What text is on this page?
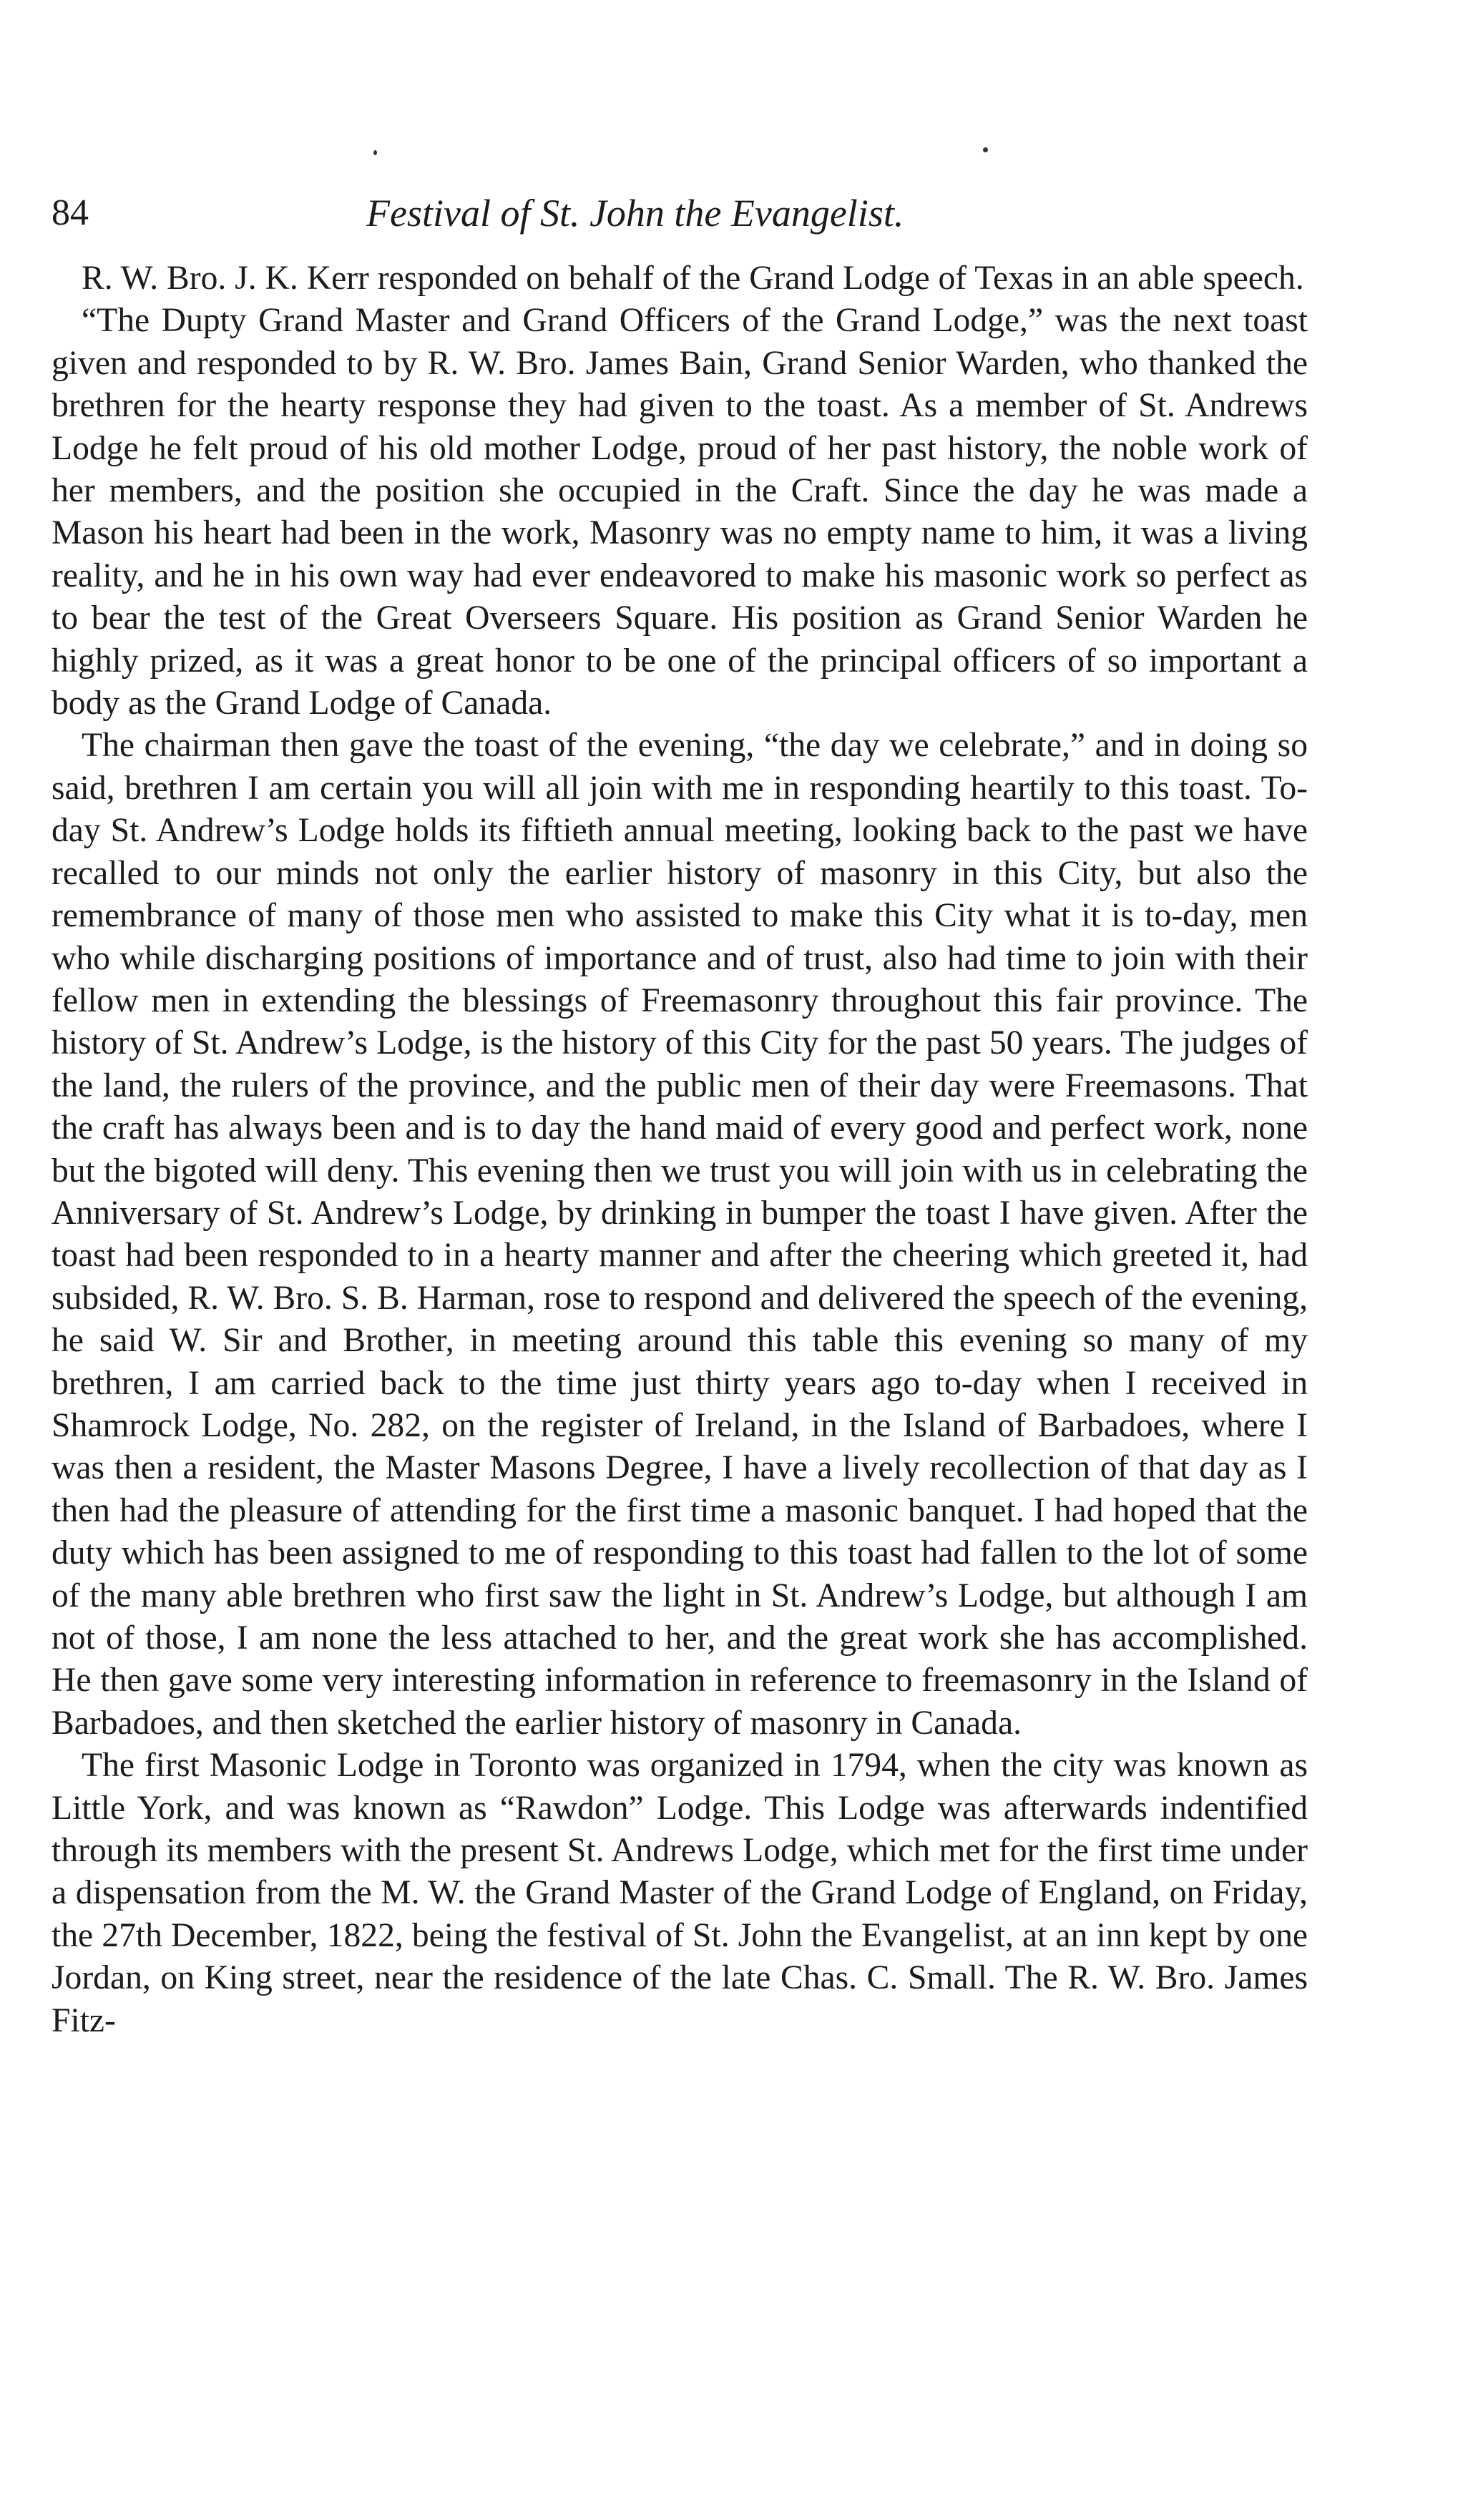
84	Festival of St. John the Evangelist.

R. W. Bro. J. K. Kerr responded on behalf of the Grand Lodge of Texas in an able speech.

“The Dupty Grand Master and Grand Officers of the Grand Lodge,” was the next toast given and responded to by R. W. Bro. James Bain, Grand Senior Warden, who thanked the brethren for the hearty response they had given to the toast. As a member of St. Andrews Lodge he felt proud of his old mother Lodge, proud of her past history, the noble work of her members, and the position she occupied in the Craft. Since the day he was made a Mason his heart had been in the work, Masonry was no empty name to him, it was a living reality, and he in his own way had ever endeavored to make his masonic work so perfect as to bear the test of the Great Overseers Square. His position as Grand Senior Warden he highly prized, as it was a great honor to be one of the principal officers of so important a body as the Grand Lodge of Canada.

The chairman then gave the toast of the evening, “the day we celebrate,” and in doing so said, brethren I am certain you will all join with me in responding heartily to this toast. To-day St. Andrew’s Lodge holds its fiftieth annual meeting, looking back to the past we have recalled to our minds not only the earlier history of masonry in this City, but also the remembrance of many of those men who assisted to make this City what it is to-day, men who while discharging positions of importance and of trust, also had time to join with their fellow men in extending the blessings of Freemasonry throughout this fair province. The history of St. Andrew’s Lodge, is the history of this City for the past 50 years. The judges of the land, the rulers of the province, and the public men of their day were Freemasons. That the craft has always been and is to day the hand maid of every good and perfect work, none but the bigoted will deny. This evening then we trust you will join with us in celebrating the Anniversary of St. Andrew’s Lodge, by drinking in bumper the toast I have given. After the toast had been responded to in a hearty manner and after the cheering which greeted it, had subsided, R. W. Bro. S. B. Harman, rose to respond and delivered the speech of the evening, he said W. Sir and Brother, in meeting around this table this evening so many of my brethren, I am carried back to the time just thirty years ago to-day when I received in Shamrock Lodge, No. 282, on the register of Ireland, in the Island of Barbadoes, where I was then a resident, the Master Masons Degree, I have a lively recollection of that day as I then had the pleasure of attending for the first time a masonic banquet. I had hoped that the duty which has been assigned to me of responding to this toast had fallen to the lot of some of the many able brethren who first saw the light in St. Andrew’s Lodge, but although I am not of those, I am none the less attached to her, and the great work she has accomplished. He then gave some very interesting information in reference to freemasonry in the Island of Barbadoes, and then sketched the earlier history of masonry in Canada.

The first Masonic Lodge in Toronto was organized in 1794, when the city was known as Little York, and was known as “Rawdon” Lodge. This Lodge was afterwards indentified through its members with the present St. Andrews Lodge, which met for the first time under a dispensation from the M. W. the Grand Master of the Grand Lodge of England, on Friday, the 27th December, 1822, being the festival of St. John the Evangelist, at an inn kept by one Jordan, on King street, near the residence of the late Chas. C. Small. The R. W. Bro. James Fitz-
